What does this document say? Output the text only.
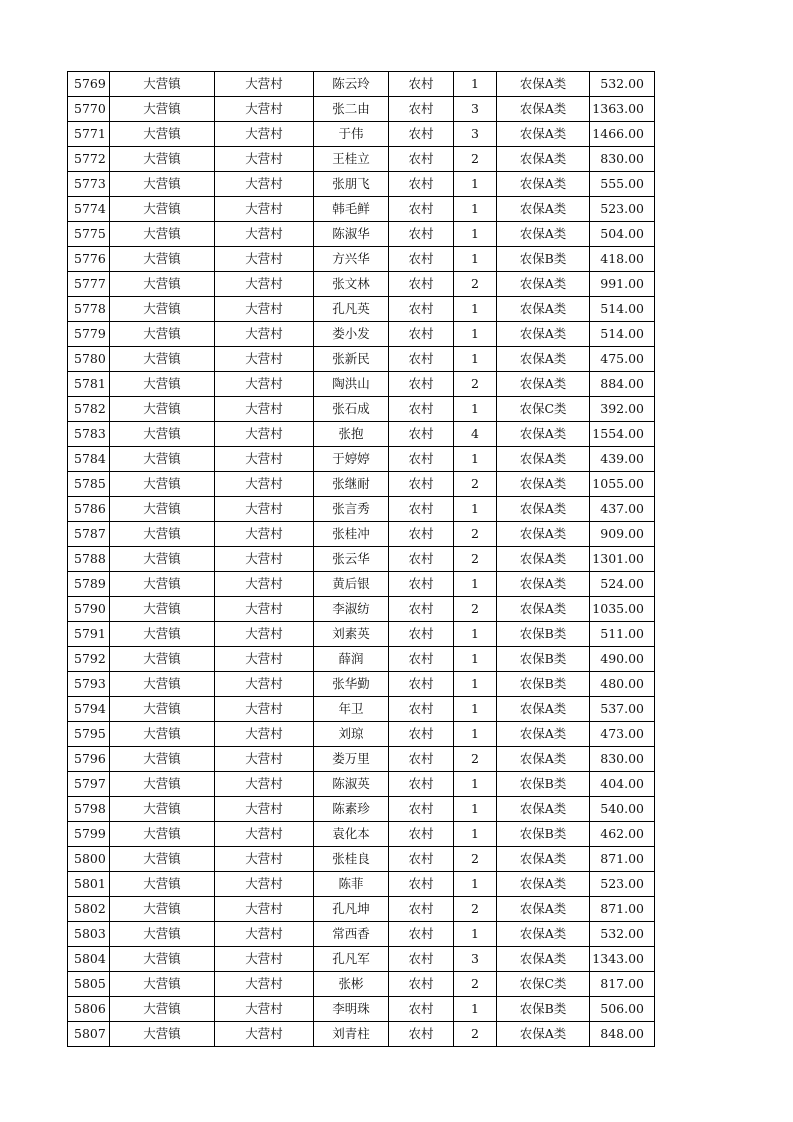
5769	大营镇	大营村	陈云玲	农村	1	农保A类	532.00
5770	大营镇	大营村	张二由	农村	3	农保A类	1363.00
5771	大营镇	大营村	于伟	农村	3	农保A类	1466.00
5772	大营镇	大营村	王桂立	农村	2	农保A类	830.00
5773	大营镇	大营村	张朋飞	农村	1	农保A类	555.00
5774	大营镇	大营村	韩毛鲜	农村	1	农保A类	523.00
5775	大营镇	大营村	陈淑华	农村	1	农保A类	504.00
5776	大营镇	大营村	方兴华	农村	1	农保B类	418.00
5777	大营镇	大营村	张文林	农村	2	农保A类	991.00
5778	大营镇	大营村	孔凡英	农村	1	农保A类	514.00
5779	大营镇	大营村	娄小发	农村	1	农保A类	514.00
5780	大营镇	大营村	张新民	农村	1	农保A类	475.00
5781	大营镇	大营村	陶洪山	农村	2	农保A类	884.00
5782	大营镇	大营村	张石成	农村	1	农保C类	392.00
5783	大营镇	大营村	张抱	农村	4	农保A类	1554.00
5784	大营镇	大营村	于婷婷	农村	1	农保A类	439.00
5785	大营镇	大营村	张继耐	农村	2	农保A类	1055.00
5786	大营镇	大营村	张言秀	农村	1	农保A类	437.00
5787	大营镇	大营村	张桂冲	农村	2	农保A类	909.00
5788	大营镇	大营村	张云华	农村	2	农保A类	1301.00
5789	大营镇	大营村	黄后银	农村	1	农保A类	524.00
5790	大营镇	大营村	李淑纺	农村	2	农保A类	1035.00
5791	大营镇	大营村	刘素英	农村	1	农保B类	511.00
5792	大营镇	大营村	薛润	农村	1	农保B类	490.00
5793	大营镇	大营村	张华勤	农村	1	农保B类	480.00
5794	大营镇	大营村	年卫	农村	1	农保A类	537.00
5795	大营镇	大营村	刘琼	农村	1	农保A类	473.00
5796	大营镇	大营村	娄万里	农村	2	农保A类	830.00
5797	大营镇	大营村	陈淑英	农村	1	农保B类	404.00
5798	大营镇	大营村	陈素珍	农村	1	农保A类	540.00
5799	大营镇	大营村	袁化本	农村	1	农保B类	462.00
5800	大营镇	大营村	张桂良	农村	2	农保A类	871.00
5801	大营镇	大营村	陈菲	农村	1	农保A类	523.00
5802	大营镇	大营村	孔凡坤	农村	2	农保A类	871.00
5803	大营镇	大营村	常西香	农村	1	农保A类	532.00
5804	大营镇	大营村	孔凡军	农村	3	农保A类	1343.00
5805	大营镇	大营村	张彬	农村	2	农保C类	817.00
5806	大营镇	大营村	李明珠	农村	1	农保B类	506.00
5807	大营镇	大营村	刘青柱	农村	2	农保A类	848.00
